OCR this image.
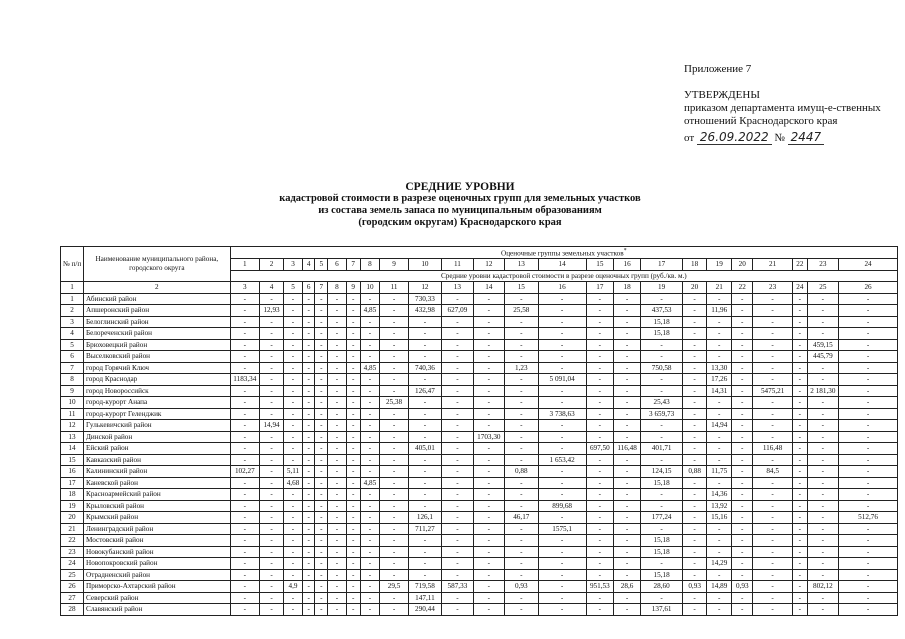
Приложение 7
УТВЕРЖДЕНЫ
приказом департамента имущ-е-ственных
отношений Краснодарского края
от 26.09.2022 № 2447
СРЕДНИЕ УРОВНИ
кадастровой стоимости в разрезе оценочных групп для земельных участков
из состава земель запаса по муниципальным образованиям
(городским округам) Краснодарского края
№ п/п	Наименование муниципального района, городского округа	Оценочные группы земельных участков*
		1	2	3	4	5	6	7	8	9	10	11	12	13	14	15	16	17	18	19	20	21	22	23	24
		Средние уровни кадастровой стоимости в разрезе оценочных групп (руб./кв. м.)																							
1	2	3	4	5	6	7	8	9	10	11	12	13	14	15	16	17	18	19	20	21	22	23	24	25	26
1	Абинский район	-	-	-	-	-	-	-	-	-	730,33	-	-	-	-	-	-	-	-	-	-	-	-	-	-
2	Апшеронский район	-	12,93	-	-	-	-	-	4,85	-	432,98	627,09	-	25,58	-	-	-	437,53	-	11,96	-	-	-	-	-
3	Белоглинский район	-	-	-	-	-	-	-	-	-	-	-	-	-	-	-	-	15,18	-	-	-	-	-	-	-
4	Белореченский район	-	-	-	-	-	-	-	-	-	-	-	-	-	-	-	-	15,18	-	-	-	-	-	-	-
5	Брюховецкий район	-	-	-	-	-	-	-	-	-	-	-	-	-	-	-	-	-	-	-	-	-	-	459,15	-
6	Выселковский район	-	-	-	-	-	-	-	-	-	-	-	-	-	-	-	-	-	-	-	-	-	-	445,79	-
7	город Горячий Ключ	-	-	-	-	-	-	-	4,85	-	740,36	-	-	1,23	-	-	-	750,58	-	13,30	-	-	-	-	-
8	город Краснодар	1183,34	-	-	-	-	-	-	-	-	-	-	-	-	5 091,04	-	-	-	-	17,26	-	-	-	-	-
9	город Новороссийск	-	-	-	-	-	-	-	-	-	126,47	-	-	-	-	-	-	-	-	14,31	-	5475,21	-	2 181,30	-
10	город-курорт Анапа	-	-	-	-	-	-	-	-	25,38	-	-	-	-	-	-	-	25,43	-	-	-	-	-	-	-
11	город-курорт Геленджик	-	-	-	-	-	-	-	-	-	-	-	-	-	3 738,63	-	-	3 659,73	-	-	-	-	-	-	-
12	Гулькевичский район	-	14,94	-	-	-	-	-	-	-	-	-	-	-	-	-	-	-	-	14,94	-	-	-	-	-
13	Динской район	-	-	-	-	-	-	-	-	-	-	-	1703,30	-	-	-	-	-	-	-	-	-	-	-	-
14	Ейский район	-	-	-	-	-	-	-	-	-	405,01	-	-	-	-	697,50	116,48	401,71	-	-	-	116,48	-	-	-
15	Кавказский район	-	-	-	-	-	-	-	-	-	-	-	-	-	1 653,42	-	-	-	-	-	-	-	-	-	-
16	Калининский район	102,27	-	5,11	-	-	-	-	-	-	-	-	-	0,88	-	-	-	124,15	0,88	11,75	-	84,5	-	-	-
17	Каневской район	-	-	4,68	-	-	-	-	4,85	-	-	-	-	-	-	-	-	15,18	-	-	-	-	-	-	-
18	Красноармейский район	-	-	-	-	-	-	-	-	-	-	-	-	-	-	-	-	-	-	14,36	-	-	-	-	-
19	Крыловский район	-	-	-	-	-	-	-	-	-	-	-	-	-	899,68	-	-	-	-	13,92	-	-	-	-	-
20	Крымский район	-	-	-	-	-	-	-	-	-	126,1	-	-	46,17	-	-	-	177,24	-	15,16	-	-	-	-	512,76
21	Ленинградский район	-	-	-	-	-	-	-	-	-	711,27	-	-	-	1575,1	-	-	-	-	-	-	-	-	-	-
22	Мостовский район	-	-	-	-	-	-	-	-	-	-	-	-	-	-	-	-	15,18	-	-	-	-	-	-	-
23	Новокубанский район	-	-	-	-	-	-	-	-	-	-	-	-	-	-	-	-	15,18	-	-	-	-	-	-	-
24	Новопокровский район	-	-	-	-	-	-	-	-	-	-	-	-	-	-	-	-	-	-	14,29	-	-	-	-	-
25	Отрадненский район	-	-	-	-	-	-	-	-	-	-	-	-	-	-	-	-	15,18	-	-	-	-	-	-	-
26	Приморско-Ахтарский район	-	-	4,9	-	-	-	-	-	29,5	719,58	587,33	-	0,93	-	951,53	28,6	28,60	0,93	14,89	0,93	-	-	802,12	-
27	Северский район	-	-	-	-	-	-	-	-	-	147,11	-	-	-	-	-	-	-	-	-	-	-	-	-	-
28	Славянский район	-	-	-	-	-	-	-	-	-	290,44	-	-	-	-	-	-	137,61	-	-	-	-	-	-	-
